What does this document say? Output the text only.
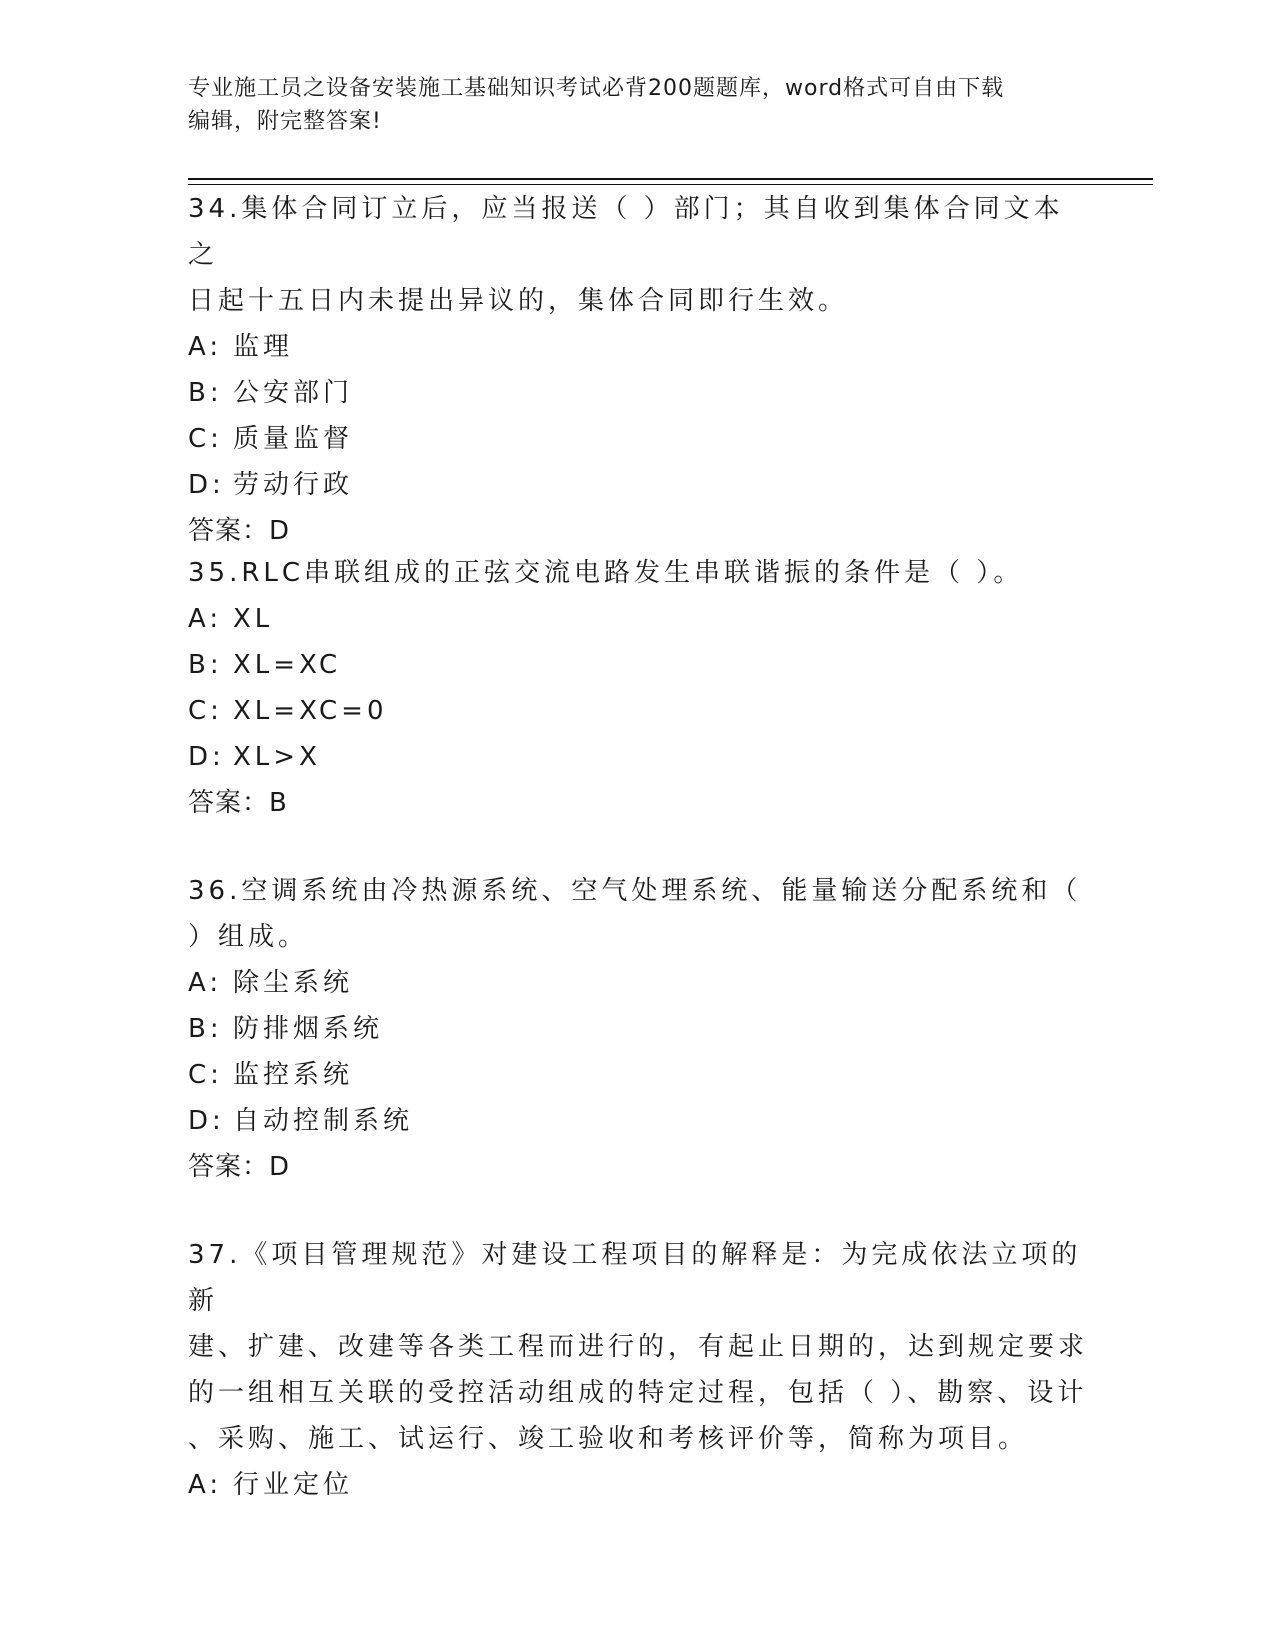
专业施工员之设备安装施工基础知识考试必背200题题库，word格式可自由下载
编辑，附完整答案!

34.集体合同订立后，应当报送（ ）部门；其自收到集体合同文本之

日起十五日内未提出异议的，集体合同即行生效。

A: 监理

B: 公安部门

C: 质量监督

D: 劳动行政

答案：D

35.RLC串联组成的正弦交流电路发生串联谐振的条件是（ ）。

A: XL

B: XL=XC

C: XL=XC=0

D: XL>X

答案：B

36.空调系统由冷热源系统、空气处理系统、能量输送分配系统和（

）组成。

A: 除尘系统

B: 防排烟系统

C: 监控系统

D: 自动控制系统

答案：D

37.《项目管理规范》对建设工程项目的解释是：为完成依法立项的新

建、扩建、改建等各类工程而进行的，有起止日期的，达到规定要求

的一组相互关联的受控活动组成的特定过程，包括（ ）、勘察、设计

、采购、施工、试运行、竣工验收和考核评价等，简称为项目。

A: 行业定位
